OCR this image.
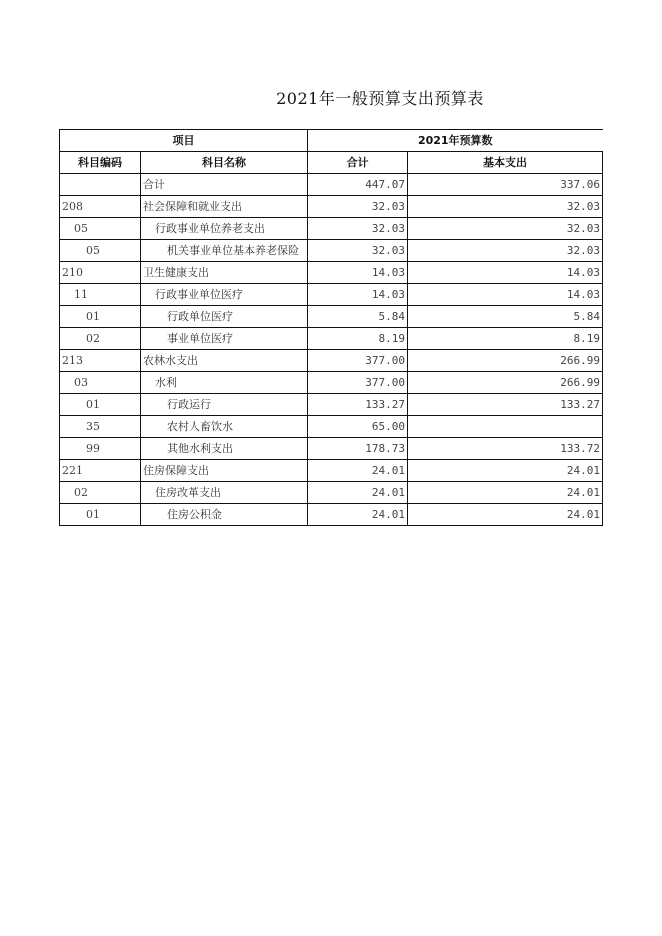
2021年一般预算支出预算表
项目		2021年预算数	
科目编码	科目名称	合计	基本支出
	合计	447.07	337.06
208	社会保障和就业支出	32.03	32.03
05	行政事业单位养老支出	32.03	32.03
05	机关事业单位基本养老保险	32.03	32.03
210	卫生健康支出	14.03	14.03
11	行政事业单位医疗	14.03	14.03
01	行政单位医疗	5.84	5.84
02	事业单位医疗	8.19	8.19
213	农林水支出	377.00	266.99
03	水利	377.00	266.99
01	行政运行	133.27	133.27
35	农村人畜饮水	65.00	
99	其他水利支出	178.73	133.72
221	住房保障支出	24.01	24.01
02	住房改革支出	24.01	24.01
01	住房公积金	24.01	24.01
